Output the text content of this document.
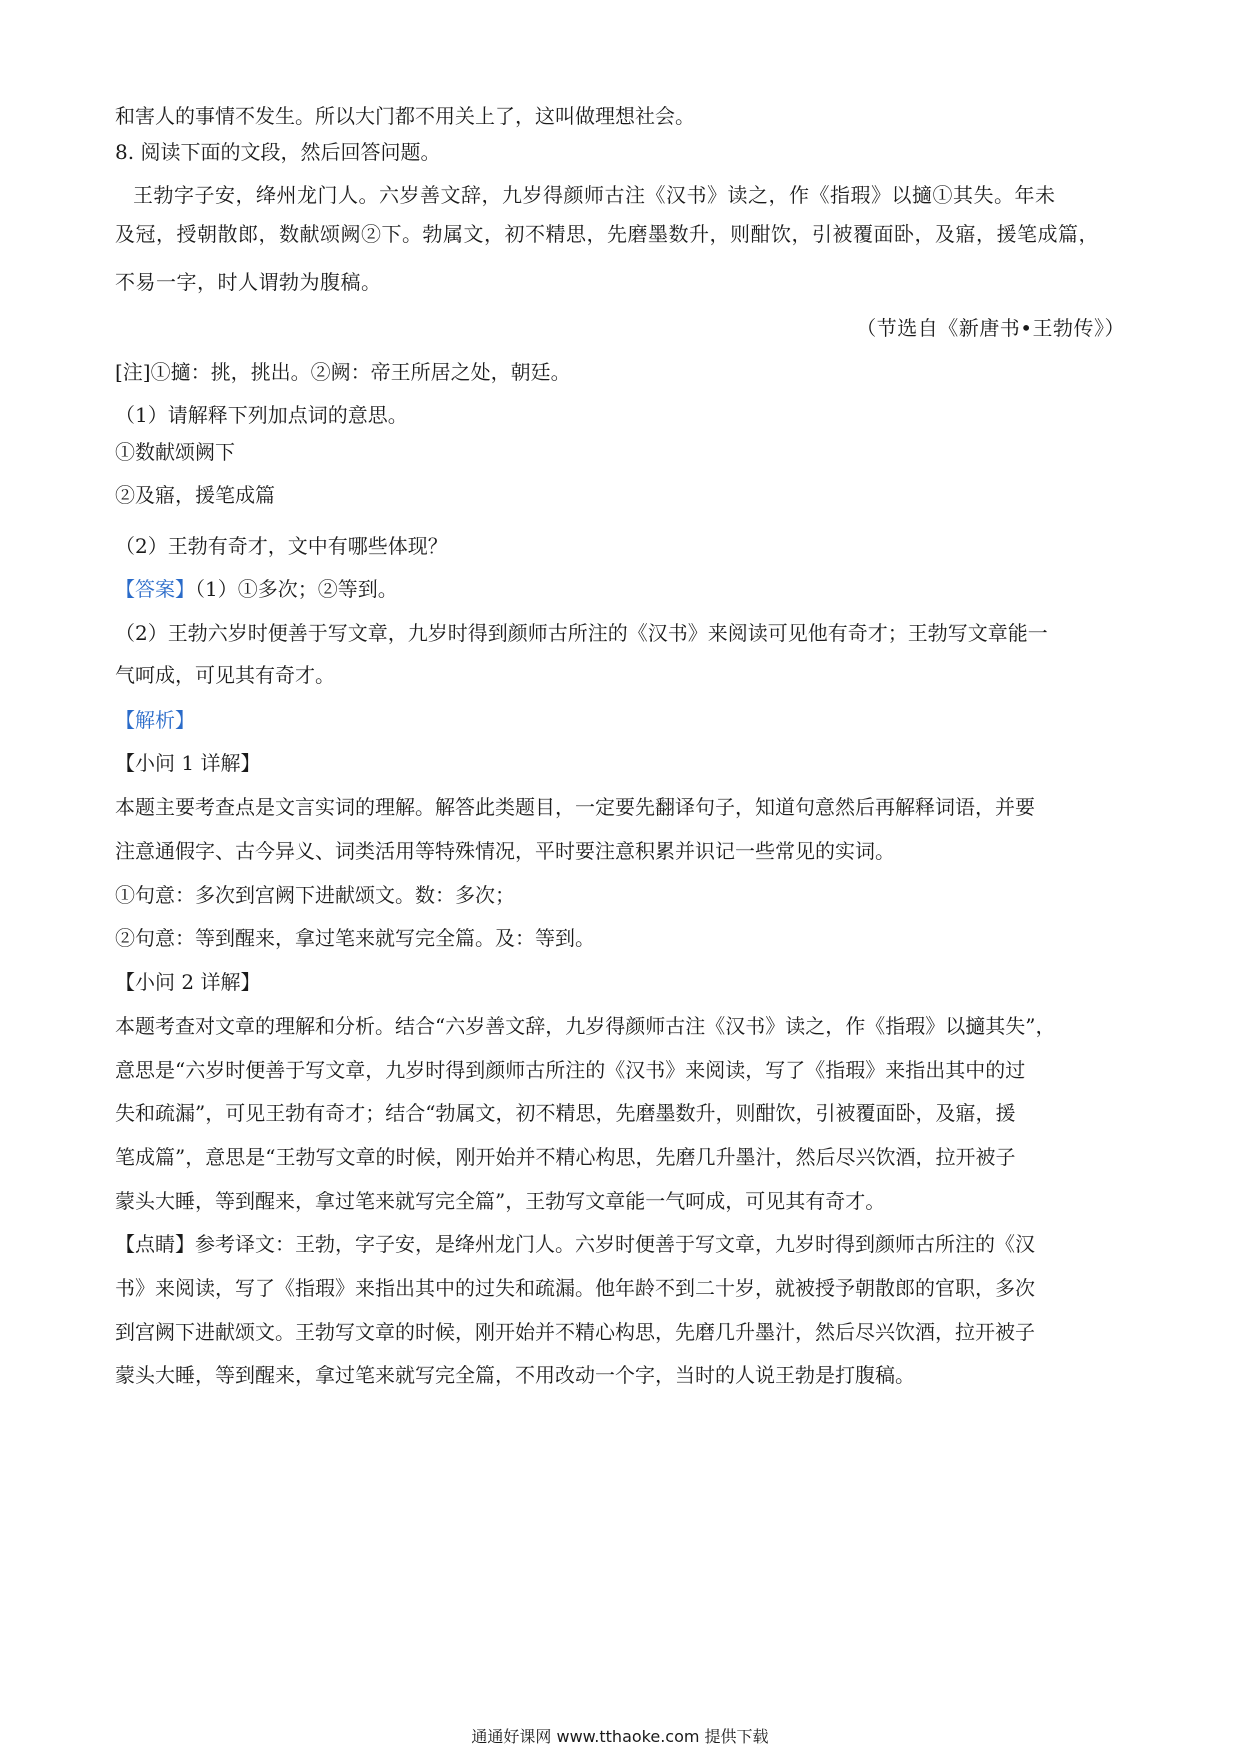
和害人的事情不发生。所以大门都不用关上了，这叫做理想社会。
8. 阅读下面的文段，然后回答问题。
王勃字子安，绛州龙门人。六岁善文辞，九岁得颜师古注《汉书》读之，作《指瑕》以擿①其失。年未
及冠，授朝散郎，数献颂阙②下。勃属文，初不精思，先磨墨数升，则酣饮，引被覆面卧，及寤，援笔成篇，
不易一字，时人谓勃为腹稿。
（节选自《新唐书•王勃传》）
[注]①擿：挑，挑出。②阙：帝王所居之处，朝廷。
（1）请解释下列加点词的意思。
①数献颂阙下
②及寤，援笔成篇
（2）王勃有奇才，文中有哪些体现？
【答案】（1）①多次；②等到。
（2）王勃六岁时便善于写文章，九岁时得到颜师古所注的《汉书》来阅读可见他有奇才；王勃写文章能一
气呵成，可见其有奇才。
【解析】
【小问 1 详解】
本题主要考查点是文言实词的理解。解答此类题目，一定要先翻译句子，知道句意然后再解释词语，并要
注意通假字、古今异义、词类活用等特殊情况，平时要注意积累并识记一些常见的实词。
①句意：多次到宫阙下进献颂文。数：多次；
②句意：等到醒来，拿过笔来就写完全篇。及：等到。
【小问 2 详解】
本题考查对文章的理解和分析。结合“六岁善文辞，九岁得颜师古注《汉书》读之，作《指瑕》以擿其失”，
意思是“六岁时便善于写文章，九岁时得到颜师古所注的《汉书》来阅读，写了《指瑕》来指出其中的过
失和疏漏”，可见王勃有奇才；结合“勃属文，初不精思，先磨墨数升，则酣饮，引被覆面卧，及寤，援
笔成篇”，意思是“王勃写文章的时候，刚开始并不精心构思，先磨几升墨汁，然后尽兴饮酒，拉开被子
蒙头大睡，等到醒来，拿过笔来就写完全篇”，王勃写文章能一气呵成，可见其有奇才。
【点睛】参考译文：王勃，字子安，是绛州龙门人。六岁时便善于写文章，九岁时得到颜师古所注的《汉
书》来阅读，写了《指瑕》来指出其中的过失和疏漏。他年龄不到二十岁，就被授予朝散郎的官职，多次
到宫阙下进献颂文。王勃写文章的时候，刚开始并不精心构思，先磨几升墨汁，然后尽兴饮酒，拉开被子
蒙头大睡，等到醒来，拿过笔来就写完全篇，不用改动一个字，当时的人说王勃是打腹稿。
通通好课网 www.tthaoke.com 提供下载
